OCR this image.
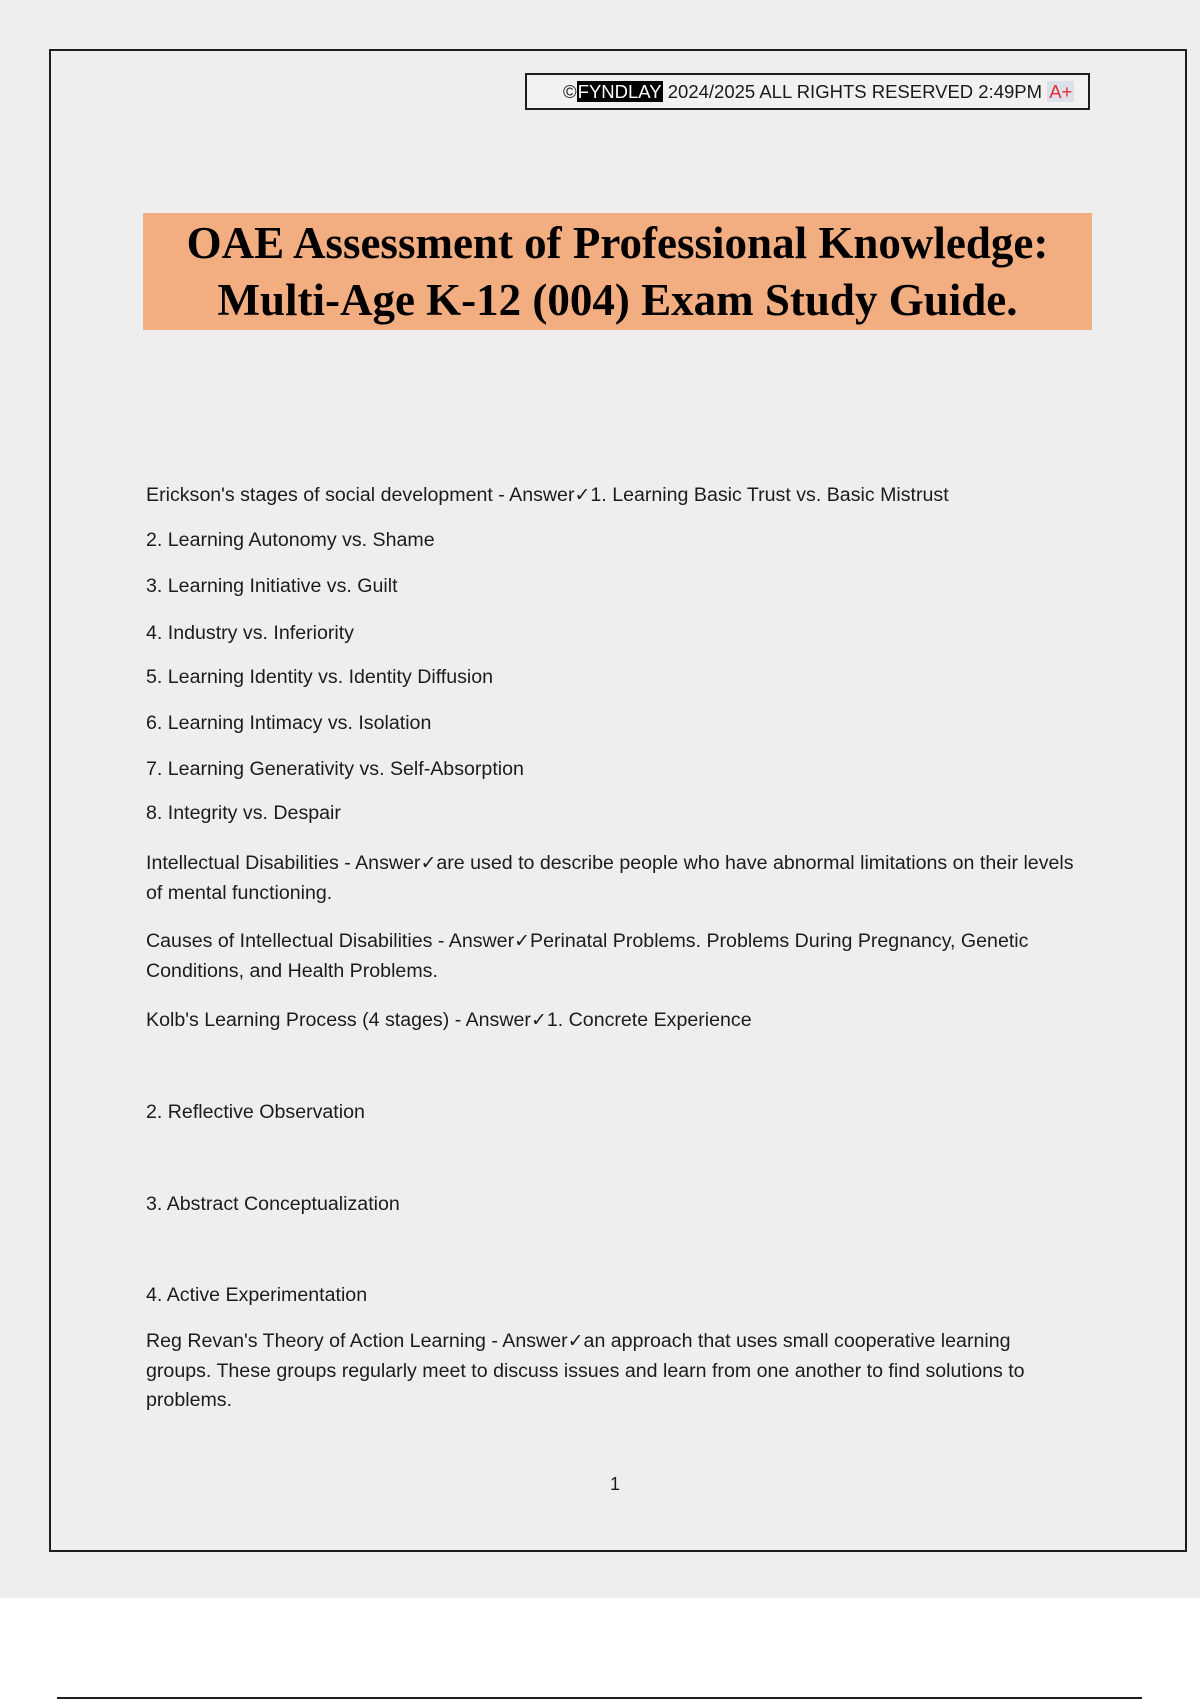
©FYNDLAY 2024/2025 ALL RIGHTS RESERVED 2:49PM A+
OAE Assessment of Professional Knowledge:
Multi-Age K-12 (004) Exam Study Guide.
Erickson's stages of social development - Answer✓1. Learning Basic Trust vs. Basic Mistrust
2. Learning Autonomy vs. Shame
3. Learning Initiative vs. Guilt
4. Industry vs. Inferiority
5. Learning Identity vs. Identity Diffusion
6. Learning Intimacy vs. Isolation
7. Learning Generativity vs. Self-Absorption
8. Integrity vs. Despair
Intellectual Disabilities - Answer✓are used to describe people who have abnormal limitations on their levels of mental functioning.
Causes of Intellectual Disabilities - Answer✓Perinatal Problems. Problems During Pregnancy, Genetic Conditions, and Health Problems.
Kolb's Learning Process (4 stages) - Answer✓1. Concrete Experience
2. Reflective Observation
3. Abstract Conceptualization
4. Active Experimentation
Reg Revan's Theory of Action Learning - Answer✓an approach that uses small cooperative learning groups. These groups regularly meet to discuss issues and learn from one another to find solutions to problems.
1
